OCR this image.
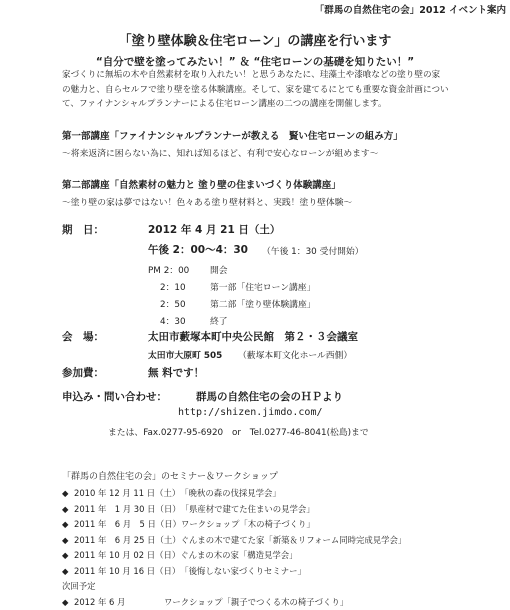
「群馬の自然住宅の会」2012 イベント案内
「塗り壁体験＆住宅ローン」の講座を行います
“自分で壁を塗ってみたい！” ＆ “住宅ローンの基礎を知りたい！”
家づくりに無垢の木や自然素材を取り入れたい！と思うあなたに、珪藻土や漆喰などの塗り壁の家
の魅力と、自らセルフで塗り壁を塗る体験講座。そして、家を建てるにとても重要な資金計画につい
て、ファイナンシャルプランナーによる住宅ローン講座の二つの講座を開催します。
第一部講座「ファイナンシャルプランナーが教える　賢い住宅ローンの組み方」
～将来返済に困らない為に、知れば知るほど、有利で安心なローンが組めます～
第二部講座「自然素材の魅力と 塗り壁の住まいづくり体験講座」
～塗り壁の家は夢ではない！色々ある塗り壁材料と、実践！塗り壁体験～
期　日：	2012 年 4 月 21 日（土）
午後 2：00～4：30 （午後 1：30 受付開始）
PM 2：00 開会
2：10	第一部「住宅ローン講座」
2：50	第二部「塗り壁体験講座」
4：30	終了
会　場：	太田市藪塚本町中央公民館　第２・３会議室
太田市大原町 505 （藪塚本町文化ホール西側）
参加費：	無 料です！
申込み・問い合わせ：	群馬の自然住宅の会のＨＰより
http://shizen.jimdo.com/
または、Fax.0277-95-6920　or　Tel.0277-46-8041(松島)まで
「群馬の自然住宅の会」のセミナー＆ワークショップ
◆ 2010 年 12 月 11 日（土）「晩秋の森の伐採見学会」
◆ 2011 年　1 月 30 日（日）「県産材で建てた住まいの見学会」
◆ 2011 年　6 月　5 日（日）ワークショップ「木の椅子づくり」
◆ 2011 年　6 月 25 日（土）ぐんまの木で建てた家「新築＆リフォーム同時完成見学会」
◆ 2011 年 10 月 02 日（日）ぐんまの木の家「構造見学会」
◆ 2011 年 10 月 16 日（日）「後悔しない家づくりセミナー」
次回予定
◆ 2012 年 6 月	ワークショップ「親子でつくる木の椅子づくり」
